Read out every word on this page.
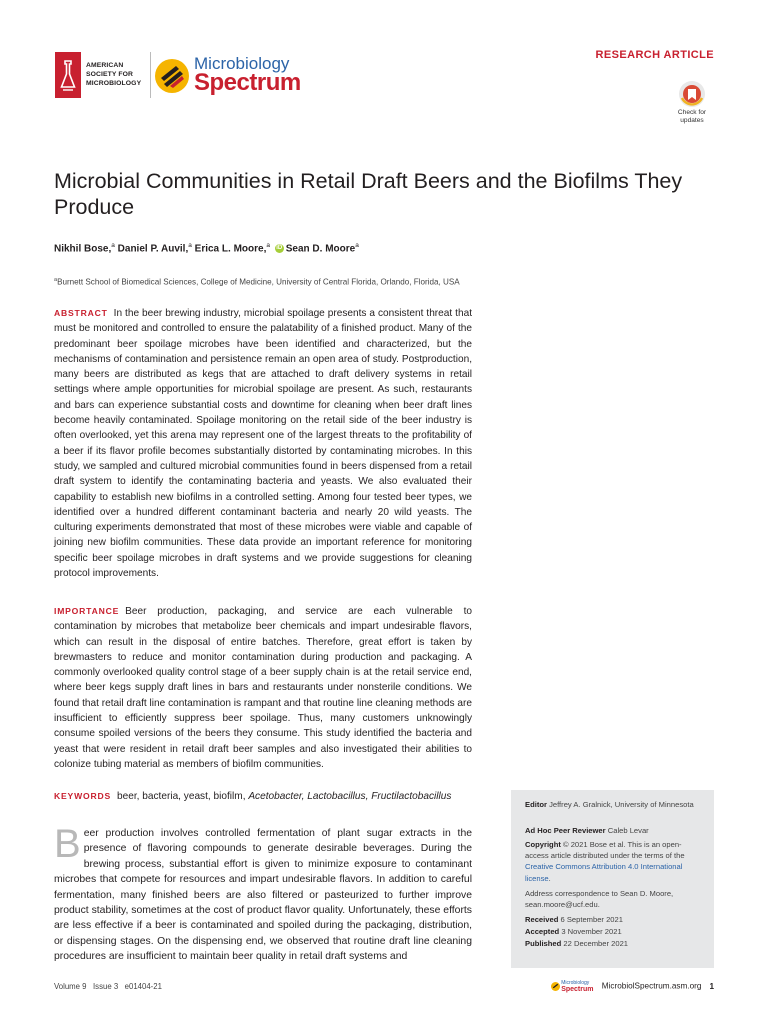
AMERICAN
SOCIETY FOR
MICROBIOLOGY
Microbiology
Spectrum
RESEARCH ARTICLE
Check for
updates
Microbial Communities in Retail Draft Beers and the Biofilms They Produce
Nikhil Bose,$^a$ Daniel P. Auvil,$^a$ Erica L. Moore,$^a$ iD Sean D. Moore$^a$
$^a$Burnett School of Biomedical Sciences, College of Medicine, University of Central Florida, Orlando, Florida, USA

ABSTRACT In the beer brewing industry, microbial spoilage presents a consistent threat that must be monitored and controlled to ensure the palatability of a finished product. Many of the predominant beer spoilage microbes have been identified and characterized, but the mechanisms of contamination and persistence remain an open area of study. Postproduction, many beers are distributed as kegs that are attached to draft delivery systems in retail settings where ample opportunities for microbial spoilage are present. As such, restaurants and bars can experience substantial costs and downtime for cleaning when beer draft lines become heavily contaminated. Spoilage monitoring on the retail side of the beer industry is often overlooked, yet this arena may represent one of the largest threats to the profitability of a beer if its flavor profile becomes substantially distorted by contaminating microbes. In this study, we sampled and cultured microbial communities found in beers dispensed from a retail draft system to identify the contaminating bacteria and yeasts. We also evaluated their capability to establish new biofilms in a controlled setting. Among four tested beer types, we identified over a hundred different contaminant bacteria and nearly 20 wild yeasts. The culturing experiments demonstrated that most of these microbes were viable and capable of joining new biofilm communities. These data provide an important reference for monitoring specific beer spoilage microbes in draft systems and we provide suggestions for cleaning protocol improvements.

IMPORTANCE Beer production, packaging, and service are each vulnerable to contamination by microbes that metabolize beer chemicals and impart undesirable flavors, which can result in the disposal of entire batches. Therefore, great effort is taken by brewmasters to reduce and monitor contamination during production and packaging. A commonly overlooked quality control stage of a beer supply chain is at the retail service end, where beer kegs supply draft lines in bars and restaurants under nonsterile conditions. We found that retail draft line contamination is rampant and that routine line cleaning methods are insufficient to efficiently suppress beer spoilage. Thus, many customers unknowingly consume spoiled versions of the beers they consume. This study identified the bacteria and yeast that were resident in retail draft beer samples and also investigated their abilities to colonize tubing material as members of biofilm communities.

KEYWORDS beer, bacteria, yeast, biofilm, Acetobacter, Lactobacillus, Fructilactobacillus

Beer production involves controlled fermentation of plant sugar extracts in the presence of flavoring compounds to generate desirable beverages. During the brewing process, substantial effort is given to minimize exposure to contaminant microbes that compete for resources and impart undesirable flavors. In addition to careful fermentation, many finished beers are also filtered or pasteurized to further improve product stability, sometimes at the cost of product flavor quality. Unfortunately, these efforts are less effective if a beer is contaminated and spoiled during the packaging, distribution, or dispensing stages. On the dispensing end, we observed that routine draft line cleaning procedures are insufficient to maintain beer quality in retail draft systems and

Editor Jeffrey A. Gralnick, University of Minnesota
Ad Hoc Peer Reviewer Caleb Levar
Copyright © 2021 Bose et al. This is an open-access article distributed under the terms of the Creative Commons Attribution 4.0 International license.
Address correspondence to Sean D. Moore, sean.moore@ucf.edu.
Received 6 September 2021
Accepted 3 November 2021
Published 22 December 2021
Volume 9 Issue 3 e01404-21
	Microbiology
Spectrum MicrobiolSpectrum.asm.org 1
